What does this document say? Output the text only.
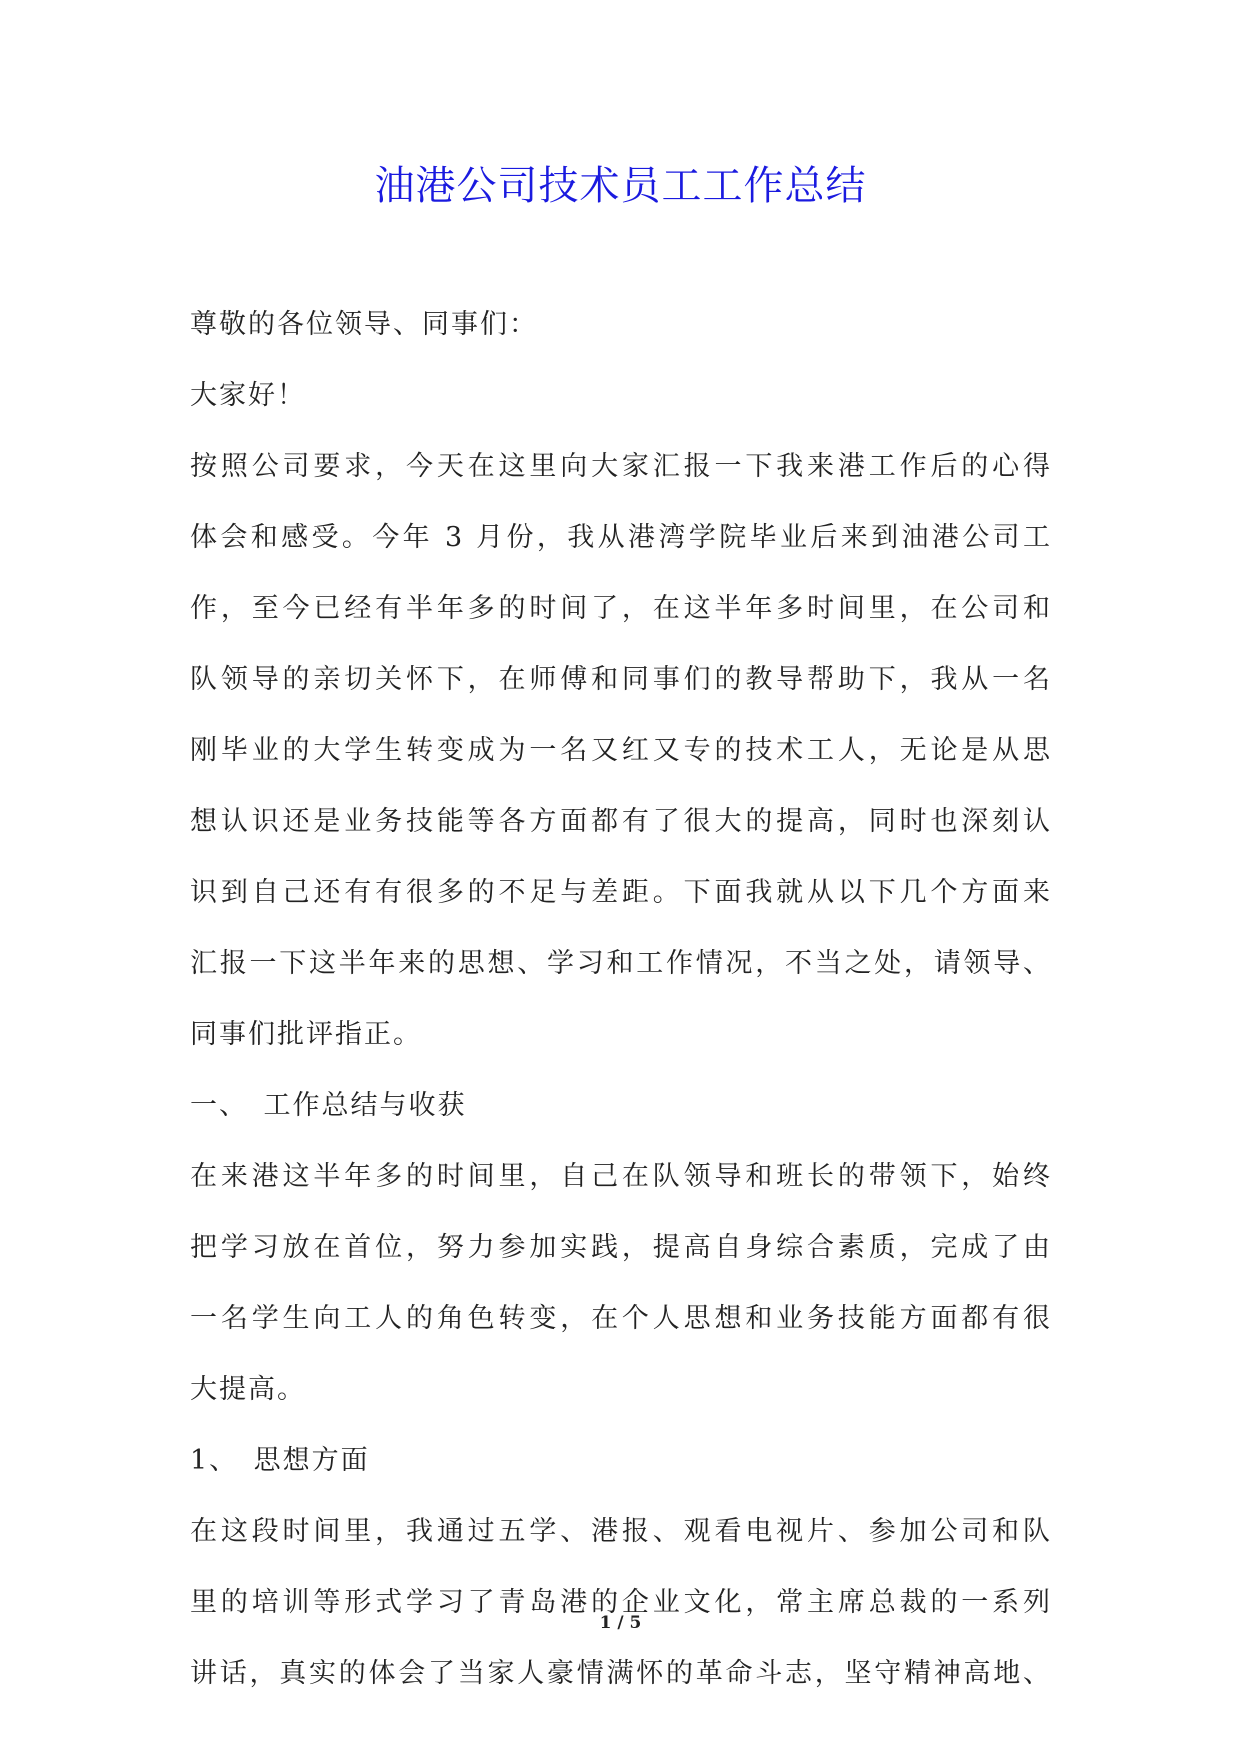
油港公司技术员工工作总结
尊敬的各位领导、同事们：
大家好！
按照公司要求，今天在这里向大家汇报一下我来港工作后的心得
体会和感受。今年 3 月份，我从港湾学院毕业后来到油港公司工
作，至今已经有半年多的时间了，在这半年多时间里，在公司和
队领导的亲切关怀下，在师傅和同事们的教导帮助下，我从一名
刚毕业的大学生转变成为一名又红又专的技术工人，无论是从思
想认识还是业务技能等各方面都有了很大的提高，同时也深刻认
识到自己还有有很多的不足与差距。下面我就从以下几个方面来
汇报一下这半年来的思想、学习和工作情况，不当之处，请领导、
同事们批评指正。
一、　工作总结与收获
在来港这半年多的时间里，自己在队领导和班长的带领下，始终
把学习放在首位，努力参加实践，提高自身综合素质，完成了由
一名学生向工人的角色转变，在个人思想和业务技能方面都有很
大提高。
1、　思想方面
在这段时间里，我通过五学、港报、观看电视片、参加公司和队
里的培训等形式学习了青岛港的企业文化，常主席总裁的一系列
讲话，真实的体会了当家人豪情满怀的革命斗志，坚守精神高地、
1 / 5
